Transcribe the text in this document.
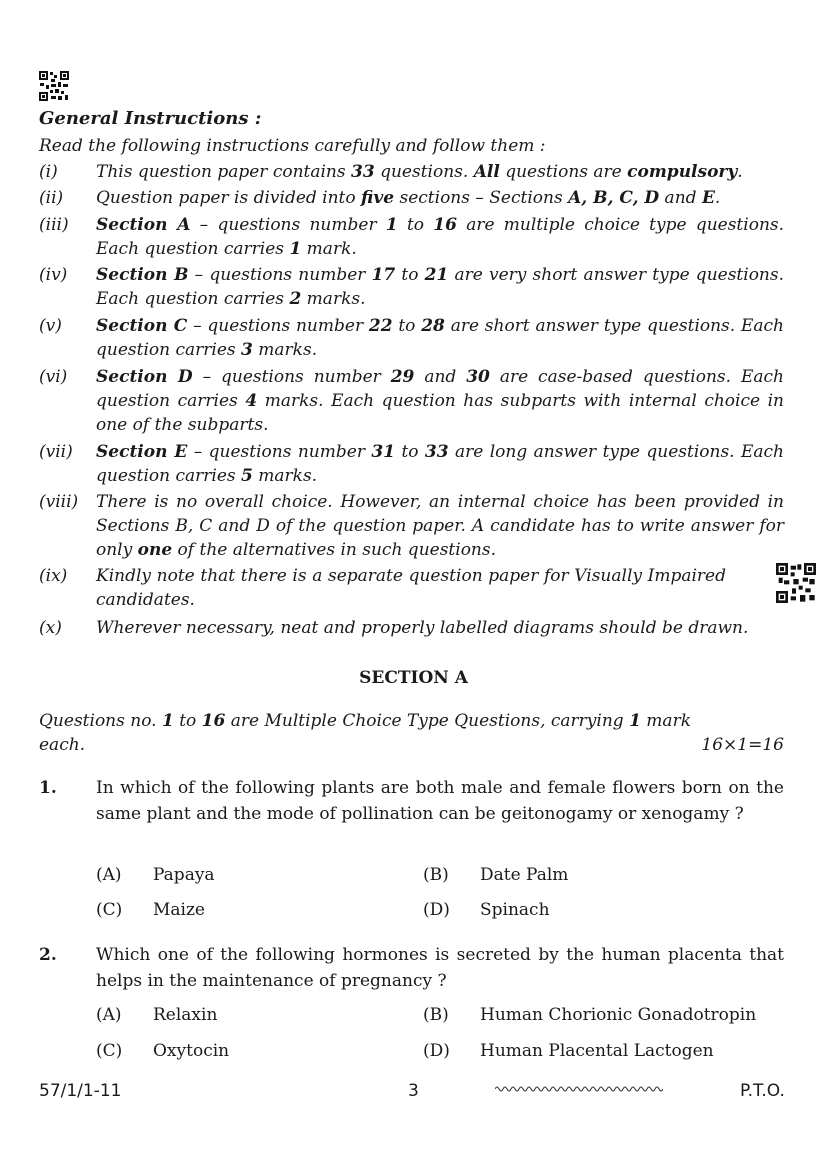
General Instructions :

Read the following instructions carefully and follow them :

(i) This question paper contains 33 questions. All questions are compulsory.
(ii) Question paper is divided into five sections – Sections A, B, C, D and E.
(iii) Section A – questions number 1 to 16 are multiple choice type questions. Each question carries 1 mark.
(iv) Section B – questions number 17 to 21 are very short answer type questions. Each question carries 2 marks.
(v) Section C – questions number 22 to 28 are short answer type questions. Each question carries 3 marks.
(vi) Section D – questions number 29 and 30 are case-based questions. Each question carries 4 marks. Each question has subparts with internal choice in one of the subparts.
(vii) Section E – questions number 31 to 33 are long answer type questions. Each question carries 5 marks.
(viii) There is no overall choice. However, an internal choice has been provided in Sections B, C and D of the question paper. A candidate has to write answer for only one of the alternatives in such questions.
(ix) Kindly note that there is a separate question paper for Visually Impaired candidates.
(x) Wherever necessary, neat and properly labelled diagrams should be drawn.
SECTION A
Questions no. 1 to 16 are Multiple Choice Type Questions, carrying 1 mark
each.	16×1=16
1. In which of the following plants are both male and female flowers born on the same plant and the mode of pollination can be geitonogamy or xenogamy ?
(A) Papaya	(B) Date Palm
(C) Maize	(D) Spinach
2. Which one of the following hormones is secreted by the human placenta that helps in the maintenance of pregnancy ?
(A) Relaxin	(B) Human Chorionic Gonadotropin
(C) Oxytocin	(D) Human Placental Lactogen
57/1/1-11	3	P.T.O.
